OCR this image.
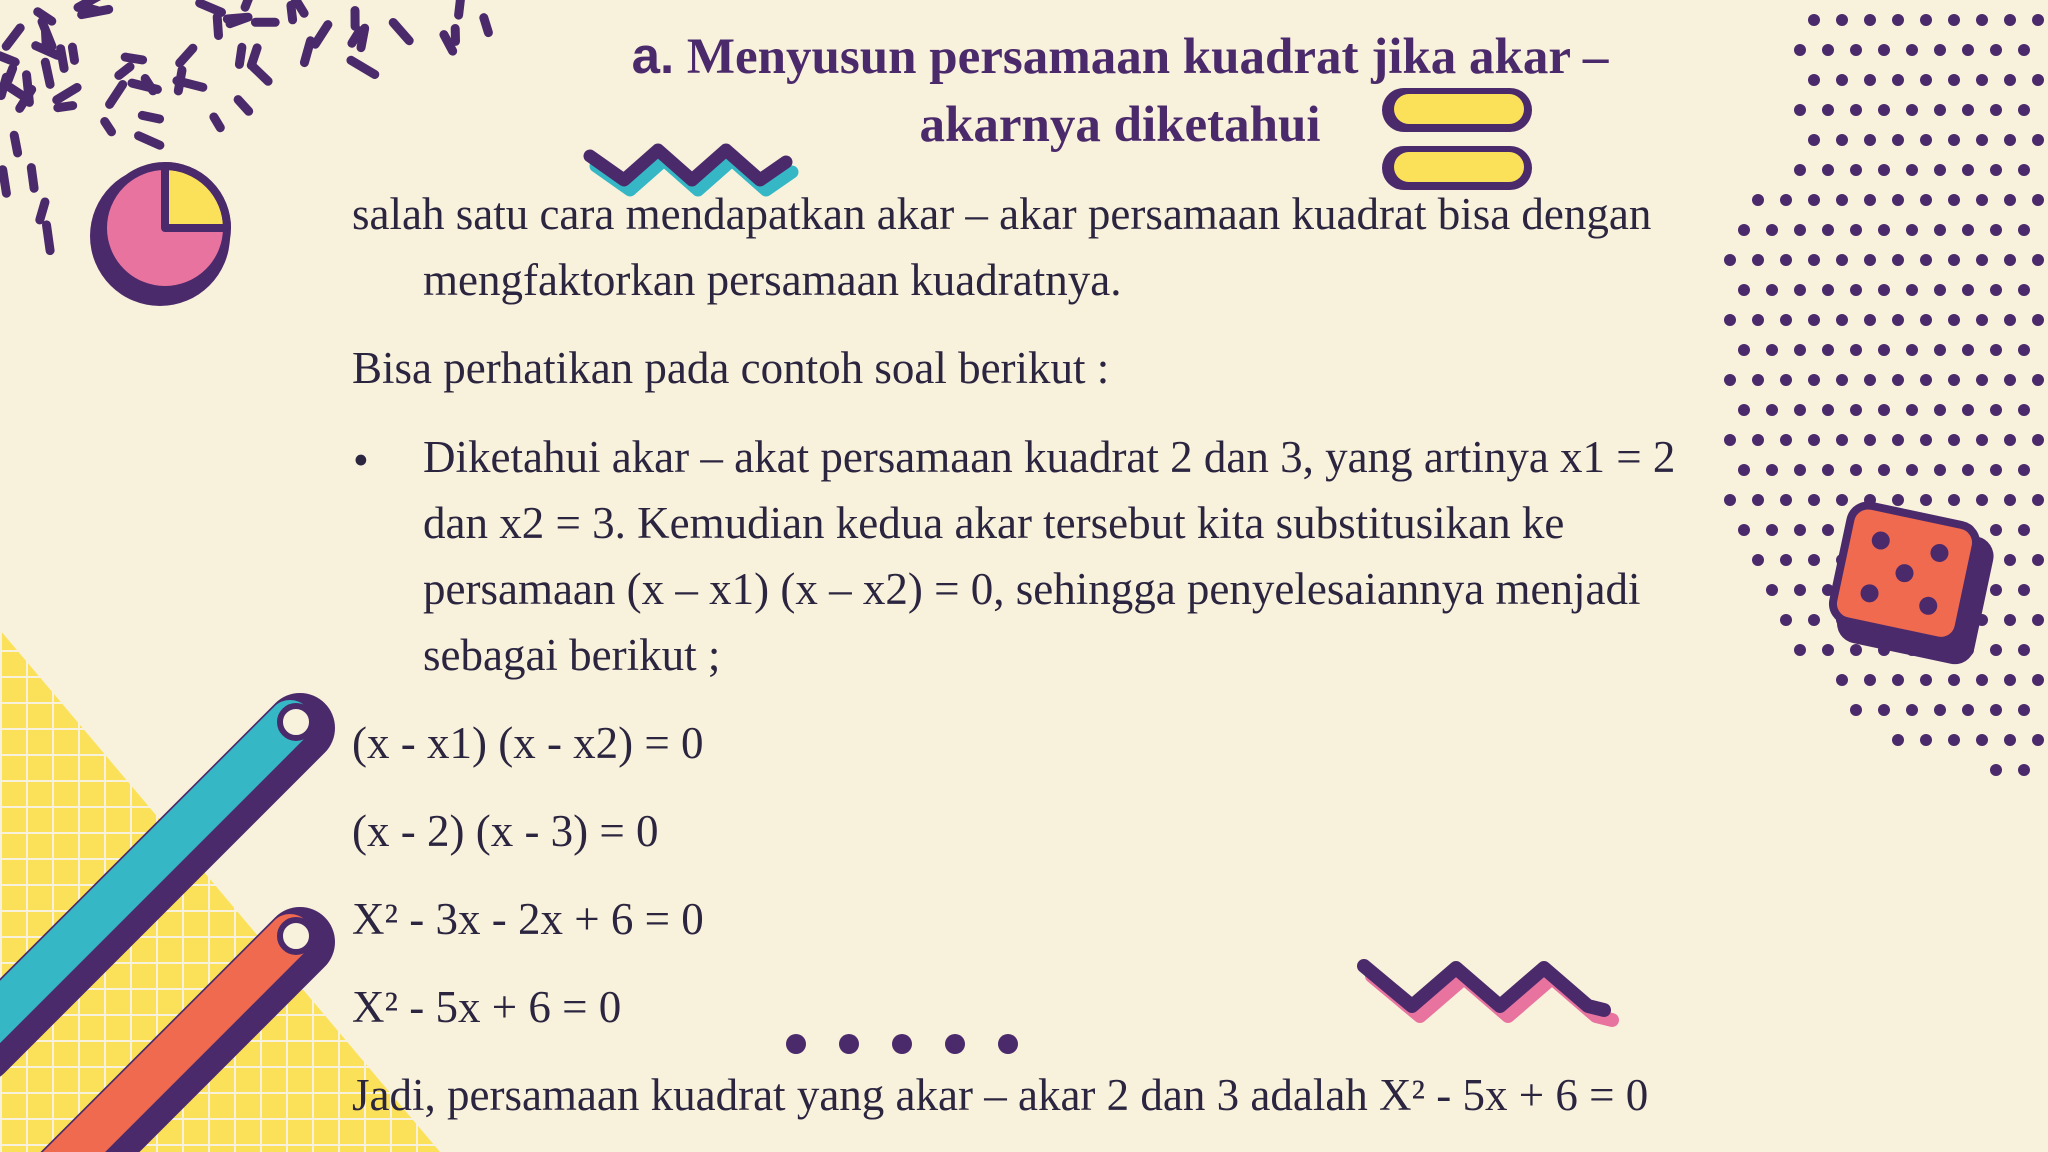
a. Menyusun persamaan kuadrat jika akar –
akarnya diketahui
salah satu cara mendapatkan akar – akar persamaan kuadrat bisa dengan
mengfaktorkan persamaan kuadratnya.
Bisa perhatikan pada contoh soal berikut :
• Diketahui akar – akat persamaan kuadrat 2 dan 3, yang artinya x1 = 2
dan x2 = 3. Kemudian kedua akar tersebut kita substitusikan ke
persamaan (x – x1) (x – x2) = 0, sehingga penyelesaiannya menjadi
sebagai berikut ;
(x - x1) (x - x2) = 0
(x - 2) (x - 3) = 0
X² - 3x - 2x + 6 = 0
X² - 5x + 6 = 0
Jadi, persamaan kuadrat yang akar – akar 2 dan 3 adalah X² - 5x + 6 = 0
